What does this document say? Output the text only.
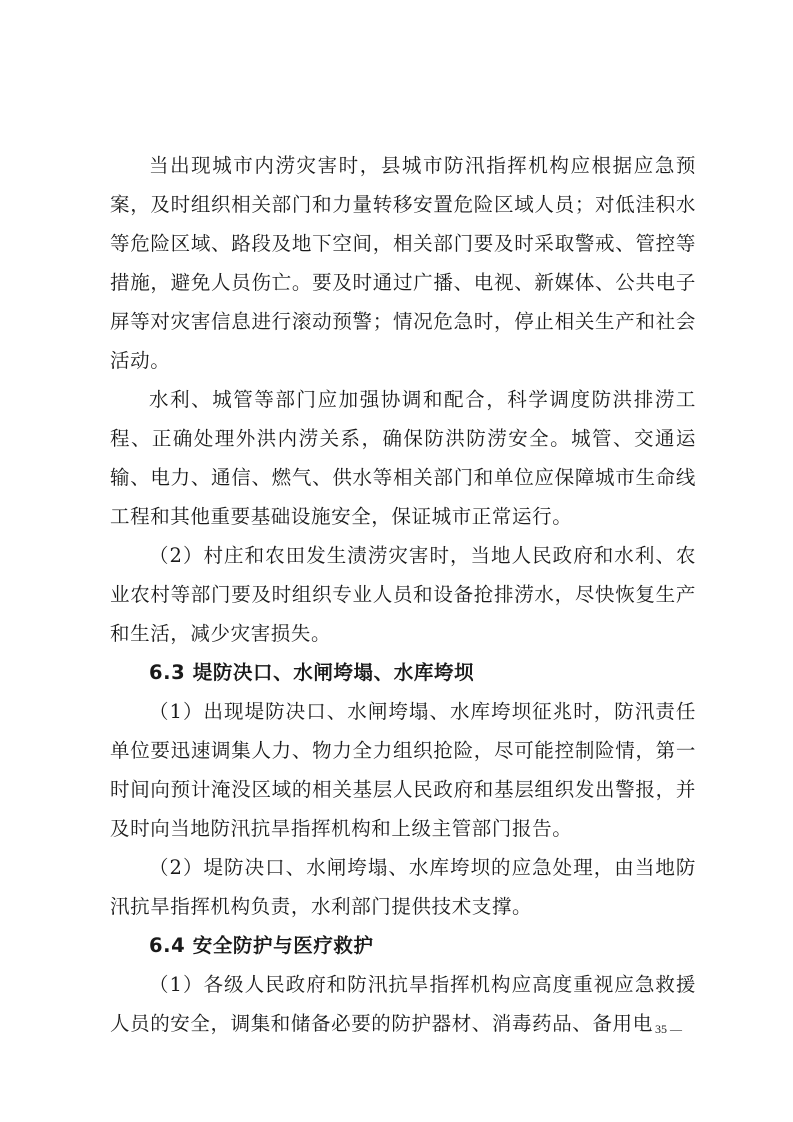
当出现城市内涝灾害时，县城市防汛指挥机构应根据应急预案，及时组织相关部门和力量转移安置危险区域人员；对低洼积水等危险区域、路段及地下空间，相关部门要及时采取警戒、管控等措施，避免人员伤亡。要及时通过广播、电视、新媒体、公共电子屏等对灾害信息进行滚动预警；情况危急时，停止相关生产和社会活动。

水利、城管等部门应加强协调和配合，科学调度防洪排涝工程、正确处理外洪内涝关系，确保防洪防涝安全。城管、交通运输、电力、通信、燃气、供水等相关部门和单位应保障城市生命线工程和其他重要基础设施安全，保证城市正常运行。

（2）村庄和农田发生渍涝灾害时，当地人民政府和水利、农业农村等部门要及时组织专业人员和设备抢排涝水，尽快恢复生产和生活，减少灾害损失。

6.3 堤防决口、水闸垮塌、水库垮坝

（1）出现堤防决口、水闸垮塌、水库垮坝征兆时，防汛责任单位要迅速调集人力、物力全力组织抢险，尽可能控制险情，第一时间向预计淹没区域的相关基层人民政府和基层组织发出警报，并及时向当地防汛抗旱指挥机构和上级主管部门报告。

（2）堤防决口、水闸垮塌、水库垮坝的应急处理，由当地防汛抗旱指挥机构负责，水利部门提供技术支撑。

6.4 安全防护与医疗救护

（1）各级人民政府和防汛抗旱指挥机构应高度重视应急救援人员的安全，调集和储备必要的防护器材、消毒药品、备用电

— 35 —
